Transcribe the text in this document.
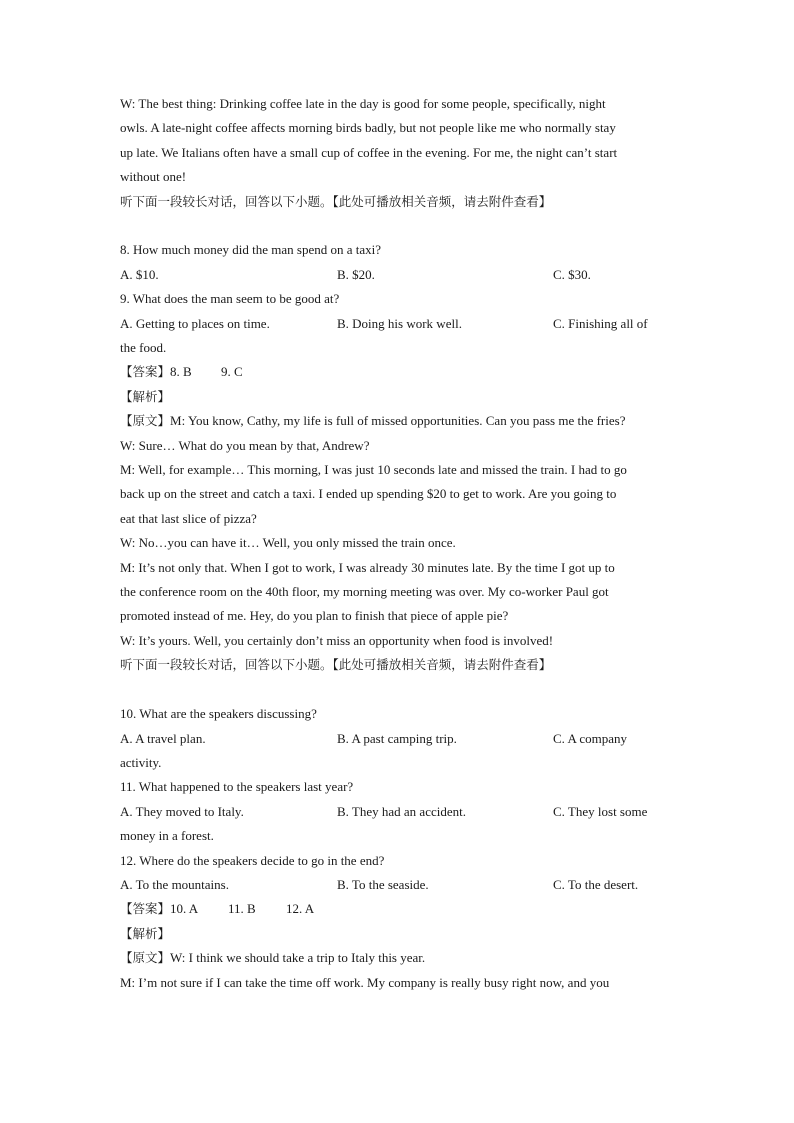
W: The best thing: Drinking coffee late in the day is good for some people, specifically, night
owls. A late-night coffee affects morning birds badly, but not people like me who normally stay
up late. We Italians often have a small cup of coffee in the evening. For me, the night can’t start
without one!
听下面一段较长对话，回答以下小题。【此处可播放相关音频，请去附件查看】
8. How much money did the man spend on a taxi?
A. $10.	B. $20.	C. $30.
9. What does the man seem to be good at?
A. Getting to places on time.	B. Doing his work well.	C. Finishing all of
the food.
【答案】8. B 9. C
【解析】
【原文】M: You know, Cathy, my life is full of missed opportunities. Can you pass me the fries?
W: Sure… What do you mean by that, Andrew?
M: Well, for example… This morning, I was just 10 seconds late and missed the train. I had to go
back up on the street and catch a taxi. I ended up spending $20 to get to work. Are you going to
eat that last slice of pizza?
W: No…you can have it… Well, you only missed the train once.
M: It’s not only that. When I got to work, I was already 30 minutes late. By the time I got up to
the conference room on the 40th floor, my morning meeting was over. My co-worker Paul got
promoted instead of me. Hey, do you plan to finish that piece of apple pie?
W: It’s yours. Well, you certainly don’t miss an opportunity when food is involved!
听下面一段较长对话，回答以下小题。【此处可播放相关音频，请去附件查看】
10. What are the speakers discussing?
A. A travel plan.	B. A past camping trip.	C. A company
activity.
11. What happened to the speakers last year?
A. They moved to Italy.	B. They had an accident.	C. They lost some
money in a forest.
12. Where do the speakers decide to go in the end?
A. To the mountains.	B. To the seaside.	C. To the desert.
【答案】10. A 11. B 12. A
【解析】
【原文】W: I think we should take a trip to Italy this year.
M: I’m not sure if I can take the time off work. My company is really busy right now, and you
